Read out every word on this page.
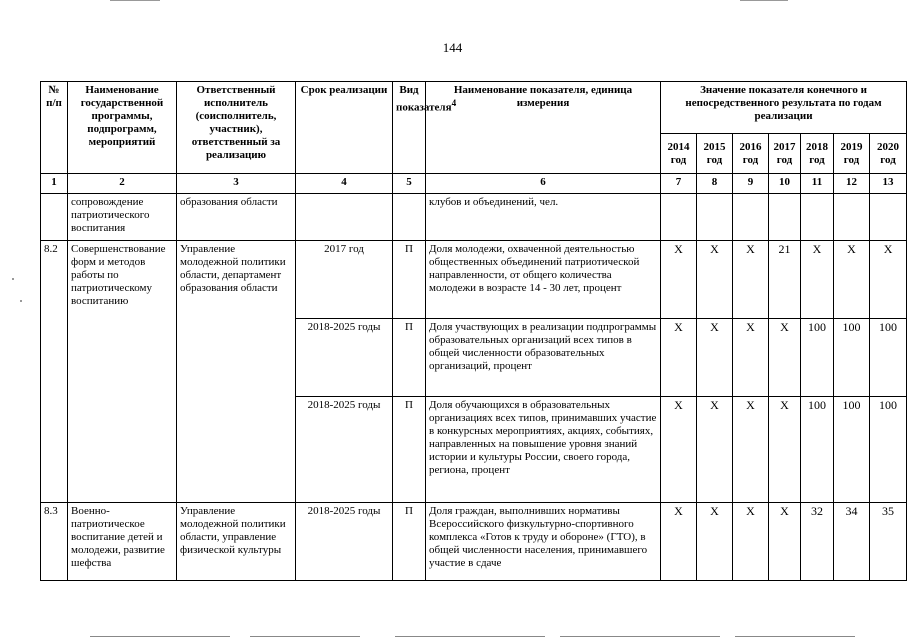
144
№ п/п	Наименование государственной программы, подпрограмм, мероприятий	Ответственный исполнитель (соисполнитель, участник), ответственный за реализацию	Срок реализации	Вид показателя$^4$	Наименование показателя, единица измерения	Значение показателя конечного и непосредственного результата по годам реализации						
						2014 год	2015 год	2016 год	2017 год	2018 год	2019 год	2020 год
1	2	3	4	5	6	7	8	9	10	11	12	13
	сопровождение патриотического воспитания	образования области			клубов и объединений, чел.							
8.2	Совершенствование форм и методов работы по патриотическому воспитанию	Управление молодежной политики области, департамент образования области	2017 год	П	Доля молодежи, охваченной деятельностью общественных объединений патриотической направленности, от общего количества молодежи в возрасте 14 - 30 лет, процент	Х	Х	Х	21	Х	Х	Х
			2018-2025 годы	П	Доля участвующих в реализации подпрограммы образовательных организаций всех типов в общей численности образовательных организаций, процент	Х	Х	Х	Х	100	100	100
			2018-2025 годы	П	Доля обучающихся в образовательных организациях всех типов, принимавших участие в конкурсных мероприятиях, акциях, событиях, направленных на повышение уровня знаний истории и культуры России, своего города, региона, процент	Х	Х	Х	Х	100	100	100
8.3	Военно-патриотическое воспитание детей и молодежи, развитие шефства	Управление молодежной политики области, управление физической культуры	2018-2025 годы	П	Доля граждан, выполнивших нормативы Всероссийского физкультурно-спортивного комплекса «Готов к труду и обороне» (ГТО), в общей численности населения, принимавшего участие в сдаче	Х	Х	Х	Х	32	34	35
